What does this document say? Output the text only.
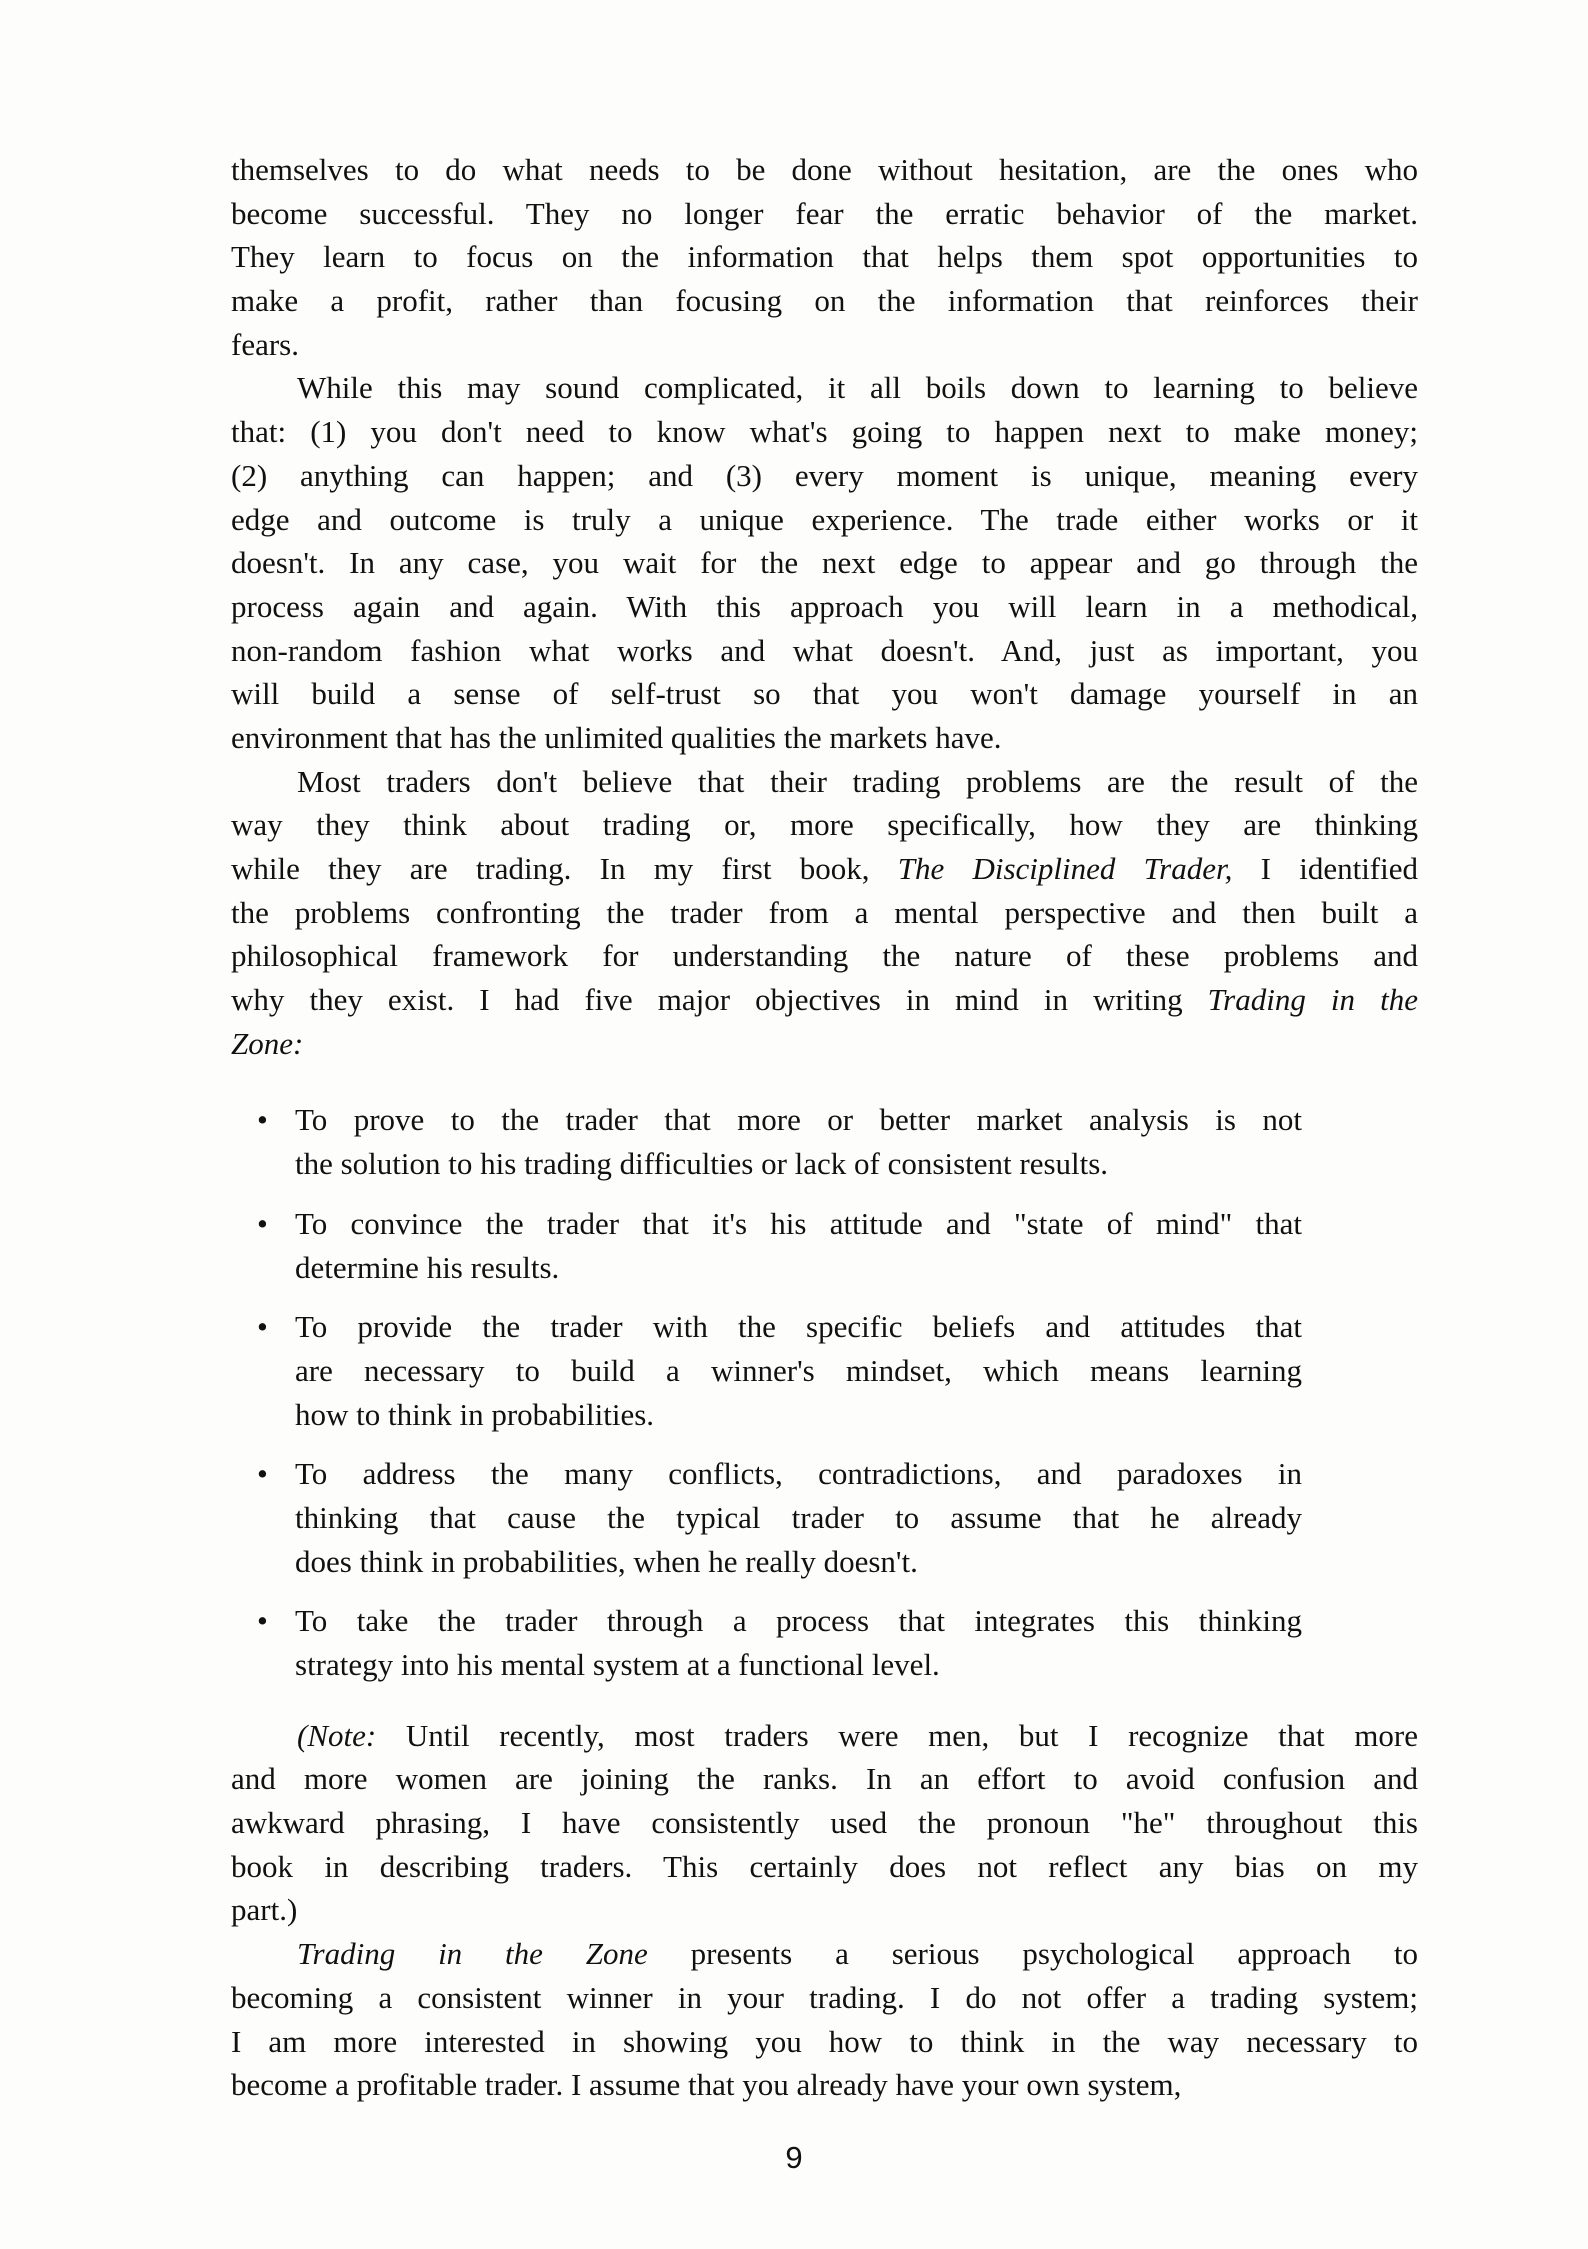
themselves to do what needs to be done without hesitation, are the ones who
become successful. They no longer fear the erratic behavior of the market.
They learn to focus on the information that helps them spot opportunities to
make a profit, rather than focusing on the information that reinforces their
fears.
While this may sound complicated, it all boils down to learning to believe
that: (1) you don't need to know what's going to happen next to make money;
(2) anything can happen; and (3) every moment is unique, meaning every
edge and outcome is truly a unique experience. The trade either works or it
doesn't. In any case, you wait for the next edge to appear and go through the
process again and again. With this approach you will learn in a methodical,
non-random fashion what works and what doesn't. And, just as important, you
will build a sense of self-trust so that you won't damage yourself in an
environment that has the unlimited qualities the markets have.
Most traders don't believe that their trading problems are the result of the
way they think about trading or, more specifically, how they are thinking
while they are trading. In my first book, The Disciplined Trader, I identified
the problems confronting the trader from a mental perspective and then built a
philosophical framework for understanding the nature of these problems and
why they exist. I had five major objectives in mind in writing Trading in the
Zone:
• To prove to the trader that more or better market analysis is not
the solution to his trading difficulties or lack of consistent results.
• To convince the trader that it's his attitude and "state of mind" that
determine his results.
• To provide the trader with the specific beliefs and attitudes that
are necessary to build a winner's mindset, which means learning
how to think in probabilities.
• To address the many conflicts, contradictions, and paradoxes in
thinking that cause the typical trader to assume that he already
does think in probabilities, when he really doesn't.
• To take the trader through a process that integrates this thinking
strategy into his mental system at a functional level.
(Note: Until recently, most traders were men, but I recognize that more
and more women are joining the ranks. In an effort to avoid confusion and
awkward phrasing, I have consistently used the pronoun "he" throughout this
book in describing traders. This certainly does not reflect any bias on my
part.)
Trading in the Zone presents a serious psychological approach to
becoming a consistent winner in your trading. I do not offer a trading system;
I am more interested in showing you how to think in the way necessary to
become a profitable trader. I assume that you already have your own system,
9
